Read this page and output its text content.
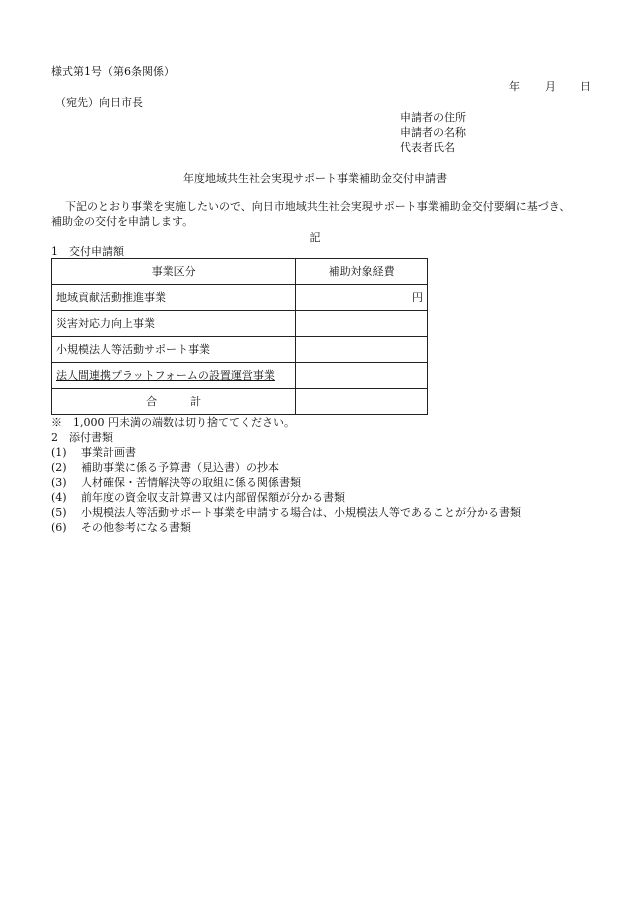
様式第1号（第6条関係）
年 月 日
（宛先）向日市長
申請者の住所
申請者の名称
代表者氏名
年度地域共生社会実現サポート事業補助金交付申請書
下記のとおり事業を実施したいので、向日市地域共生社会実現サポート事業補助金交付要綱に基づき、
補助金の交付を申請します。
記
1　交付申請額
事業区分	補助対象経費
地域貢献活動推進事業	円
災害対応力向上事業	
小規模法人等活動サポート事業	
法人間連携プラットフォームの設置運営事業	
合　　　計	
※　1,000 円未満の端数は切り捨ててください。
2　添付書類
(1) 事業計画書
(2) 補助事業に係る予算書（見込書）の抄本
(3) 人材確保・苦情解決等の取組に係る関係書類
(4) 前年度の資金収支計算書又は内部留保額が分かる書類
(5) 小規模法人等活動サポート事業を申請する場合は、小規模法人等であることが分かる書類
(6) その他参考になる書類
